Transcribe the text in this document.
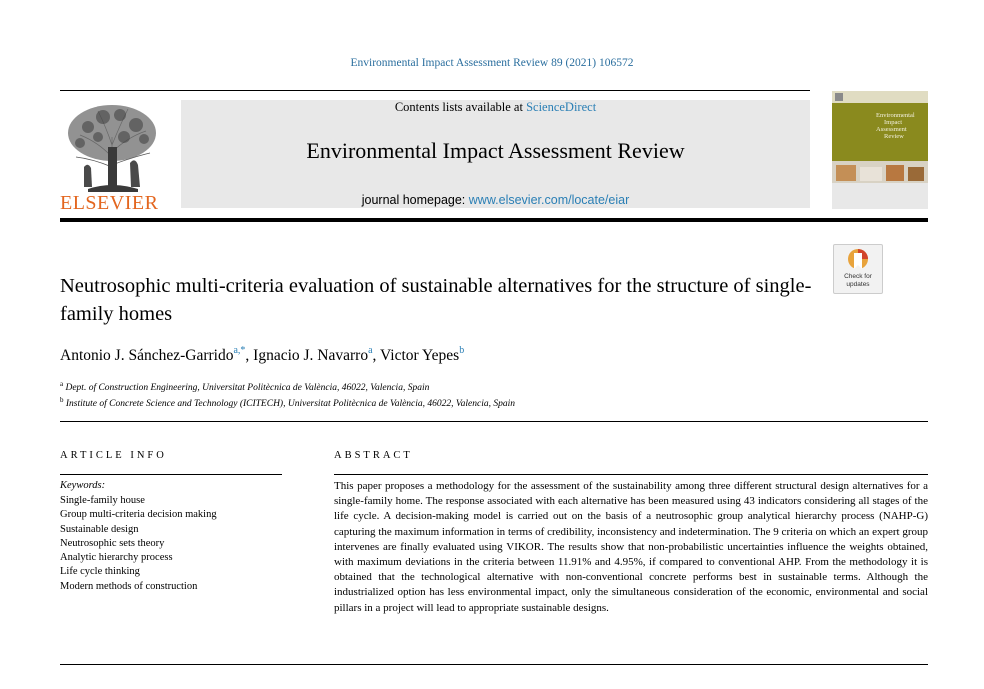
Environmental Impact Assessment Review 89 (2021) 106572
ELSEVIER
Contents lists available at ScienceDirect
Environmental Impact Assessment Review
journal homepage: www.elsevier.com/locate/eiar
Environmental
Impact
Assessment
Review
Check for
updates
Neutrosophic multi-criteria evaluation of sustainable alternatives for the structure of single-family homes
Antonio J. Sánchez-Garrido$^{a,*}$, Ignacio J. Navarro$^a$, Victor Yepes$^b$
$^a$ Dept. of Construction Engineering, Universitat Politècnica de València, 46022, Valencia, Spain
$^b$ Institute of Concrete Science and Technology (ICITECH), Universitat Politècnica de València, 46022, Valencia, Spain
ARTICLE INFO	ABSTRACT
Keywords:
Single-family house
Group multi-criteria decision making
Sustainable design
Neutrosophic sets theory
Analytic hierarchy process
Life cycle thinking
Modern methods of construction

This paper proposes a methodology for the assessment of the sustainability among three different structural design alternatives for a single-family home. The response associated with each alternative has been measured using 43 indicators considering all stages of the life cycle. A decision-making model is carried out on the basis of a neutrosophic group analytical hierarchy process (NAHP-G) capturing the maximum information in terms of credibility, inconsistency and indetermination. The 9 criteria on which an expert group intervenes are finally evaluated using VIKOR. The results show that non-probabilistic uncertainties influence the weights obtained, with maximum deviations in the criteria between 11.91% and 4.95%, if compared to conventional AHP. From the methodology it is obtained that the technological alternative with non-conventional concrete performs best in sustainable terms. Although the industrialized option has less environmental impact, only the simultaneous consideration of the economic, environmental and social pillars in a project will lead to appropriate sustainable designs.
